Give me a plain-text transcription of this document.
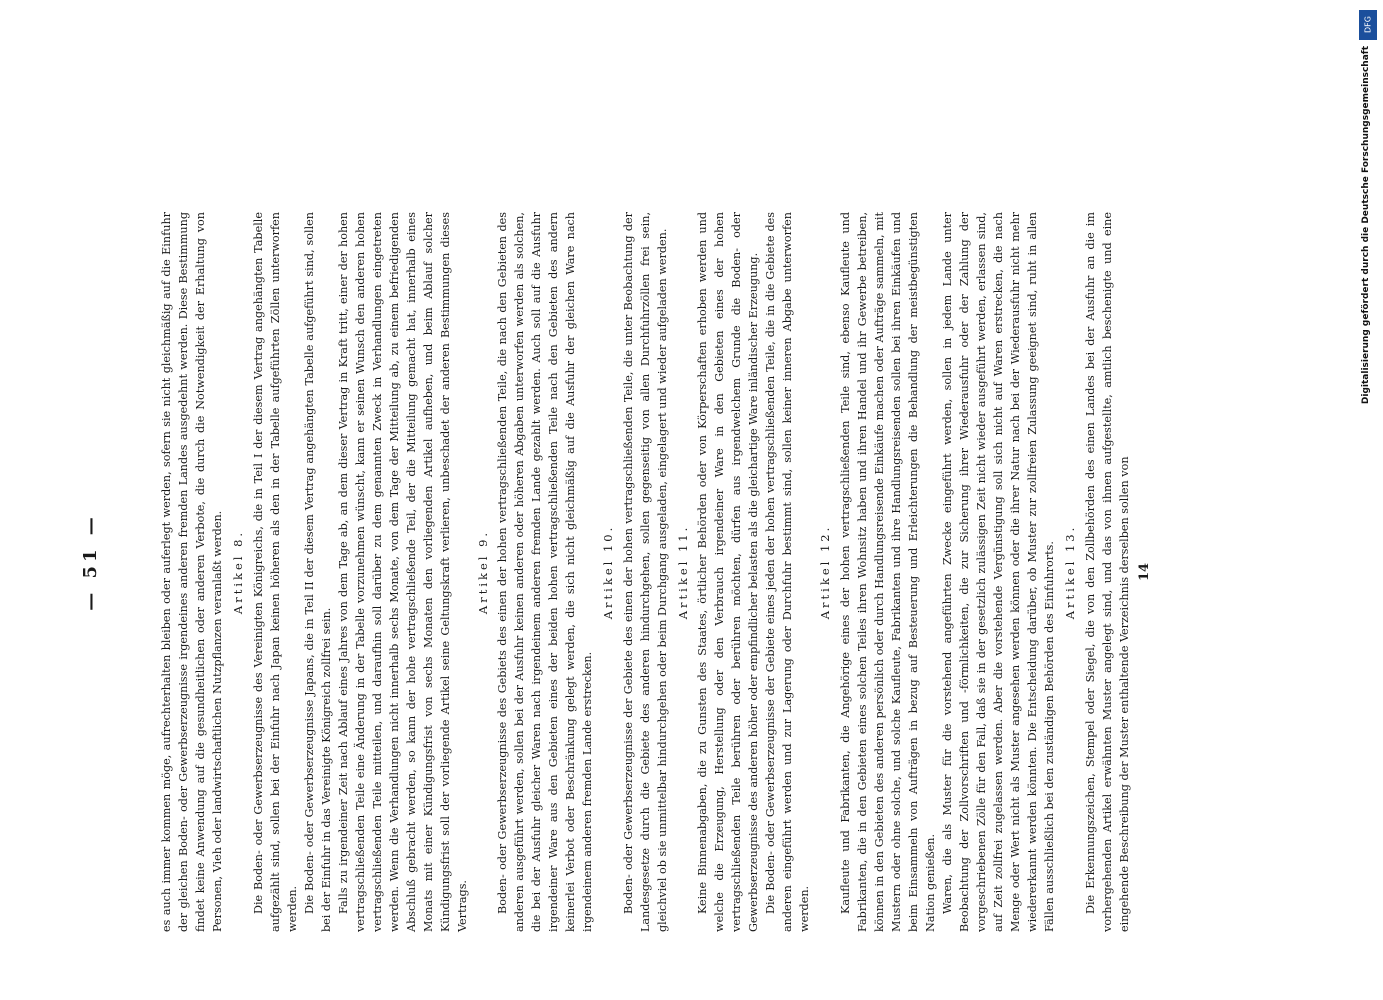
— 51 —	es auch immer kommen möge, aufrechterhalten bleiben oder auferlegt werden, sofern sie nicht gleichmäßig auf die Einfuhr der gleichen Boden- oder Gewerbserzeugnisse irgendeines anderen fremden Landes ausgedehnt werden. Diese Bestimmung findet keine Anwendung auf die gesundheitlichen oder anderen Verbote, die durch die Notwendigkeit der Erhaltung von Personen, Vieh oder landwirtschaftlichen Nutzpflanzen veranlaßt werden. Artikel 8. Die Boden- oder Gewerbserzeugnisse des Vereinigten Königreichs, die in Teil I der diesem Vertrag angehängten Tabelle aufgezählt sind, sollen bei der Einfuhr nach Japan keinen höheren als den in der Tabelle aufgeführten Zöllen unterworfen werden. Die Boden- oder Gewerbserzeugnisse Japans, die in Teil II der diesem Vertrag angehängten Tabelle aufgeführt sind, sollen bei der Einfuhr in das Vereinigte Königreich zollfrei sein. Falls zu irgendeiner Zeit nach Ablauf eines Jahres von dem Tage ab, an dem dieser Vertrag in Kraft tritt, einer der hohen vertragschließenden Teile eine Änderung in der Tabelle vorzunehmen wünscht, kann er seinen Wunsch den anderen hohen vertragschließenden Teile mitteilen, und daraufhin soll darüber zu dem genannten Zweck in Verhandlungen eingetreten werden. Wenn die Verhandlungen nicht innerhalb sechs Monate, von dem Tage der Mitteilung ab, zu einem befriedigenden Abschluß gebracht werden, so kann der hohe vertragschließende Teil, der die Mitteilung gemacht hat, innerhalb eines Monats mit einer Kündigungsfrist von sechs Monaten den vorliegenden Artikel aufheben, und beim Ablauf solcher Kündigungsfrist soll der vorliegende Artikel seine Geltungskraft verlieren, unbeschadet der anderen Bestimmungen dieses Vertrags.

Artikel 9. Boden- oder Gewerbserzeugnisse des Gebiets des einen der hohen vertragschließenden Teile, die nach den Gebieten des anderen ausgeführt werden, sollen bei der Ausfuhr keinen anderen oder höheren Abgaben unterworfen werden als solchen, die bei der Ausfuhr gleicher Waren nach irgendeinem anderen fremden Lande gezahlt werden. Auch soll auf die Ausfuhr irgendeiner Ware aus den Gebieten eines der beiden hohen vertragschließenden Teile nach den Gebieten des andern keinerlei Verbot oder Beschränkung gelegt werden, die sich nicht gleichmäßig auf die Ausfuhr der gleichen Ware nach irgendeinem anderen fremden Lande erstrecken.

Artikel 10. Boden- oder Gewerbserzeugnisse der Gebiete des einen der hohen vertragschließenden Teile, die unter Beobachtung der Landesgesetze durch die Gebiete des anderen hindurchgehen, sollen gegenseitig von allen Durchfuhrzöllen frei sein, gleichviel ob sie unmittelbar hindurchgehen oder beim Durchgang ausgeladen, eingelagert und wieder aufgeladen werden. Artikel 11. Keine Binnenabgaben, die zu Gunsten des Staates, örtlicher Behörden oder von Körperschaften erhoben werden und welche die Erzeugung, Herstellung oder den Verbrauch irgendeiner Ware in den Gebieten eines der hohen vertragschließenden Teile berühren oder berühren möchten, dürfen aus irgendwelchem Grunde die Boden- oder Gewerbserzeugnisse des anderen höher oder empfindlicher belasten als die gleichartige Ware inländischer Erzeugung. Die Boden- oder Gewerbserzeugnisse der Gebiete eines jeden der hohen vertragschließenden Teile, die in die Gebiete des anderen eingeführt werden und zur Lagerung oder Durchfuhr bestimmt sind, sollen keiner inneren Abgabe unterworfen werden.

Artikel 12. Kaufleute und Fabrikanten, die Angehörige eines der hohen vertragschließenden Teile sind, ebenso Kaufleute und Fabrikanten, die in den Gebieten eines solchen Teiles ihren Wohnsitz haben und ihren Handel und ihr Gewerbe betreiben, können in den Gebieten des anderen persönlich oder durch Handlungsreisende Einkäufe machen oder Aufträge sammeln, mit Mustern oder ohne solche, und solche Kaufleute, Fabrikanten und ihre Handlungsreisenden sollen bei ihren Einkäufen und beim Einsammeln von Aufträgen in bezug auf Besteuerung und Erleichterungen die Behandlung der meistbegünstigten Nation genießen. Waren, die als Muster für die vorstehend angeführten Zwecke eingeführt werden, sollen in jedem Lande unter Beobachtung der Zollvorschriften und -förmlichkeiten, die zur Sicherung ihrer Wiederausfuhr oder der Zahlung der vorgeschriebenen Zölle für den Fall, daß sie in der gesetzlich zulässigen Zeit nicht wieder ausgeführt werden, erlassen sind, auf Zeit zollfrei zugelassen werden. Aber die vorstehende Vergünstigung soll sich nicht auf Waren erstrecken, die nach Menge oder Wert nicht als Muster angesehen werden können oder die ihrer Natur nach bei der Wiederausfuhr nicht mehr wiedererkannt werden könnten. Die Entscheidung darüber, ob Muster zur zollfreien Zulassung geeignet sind, ruht in allen Fällen ausschließlich bei den zuständigen Behörden des Einfuhrorts. Artikel 13. Die Erkennungszeichen, Stempel oder Siegel, die von den Zollbehörden des einen Landes bei der Ausfuhr an die im vorhergehenden Artikel erwähnten Muster angelegt sind, und das von ihnen aufgestellte, amtlich beschenigte und eine eingehende Beschreibung der Muster enthaltende Verzeichnis derselben sollen von 14
DFG
Digitalisierung gefördert durch die Deutsche Forschungsgemeinschaft
